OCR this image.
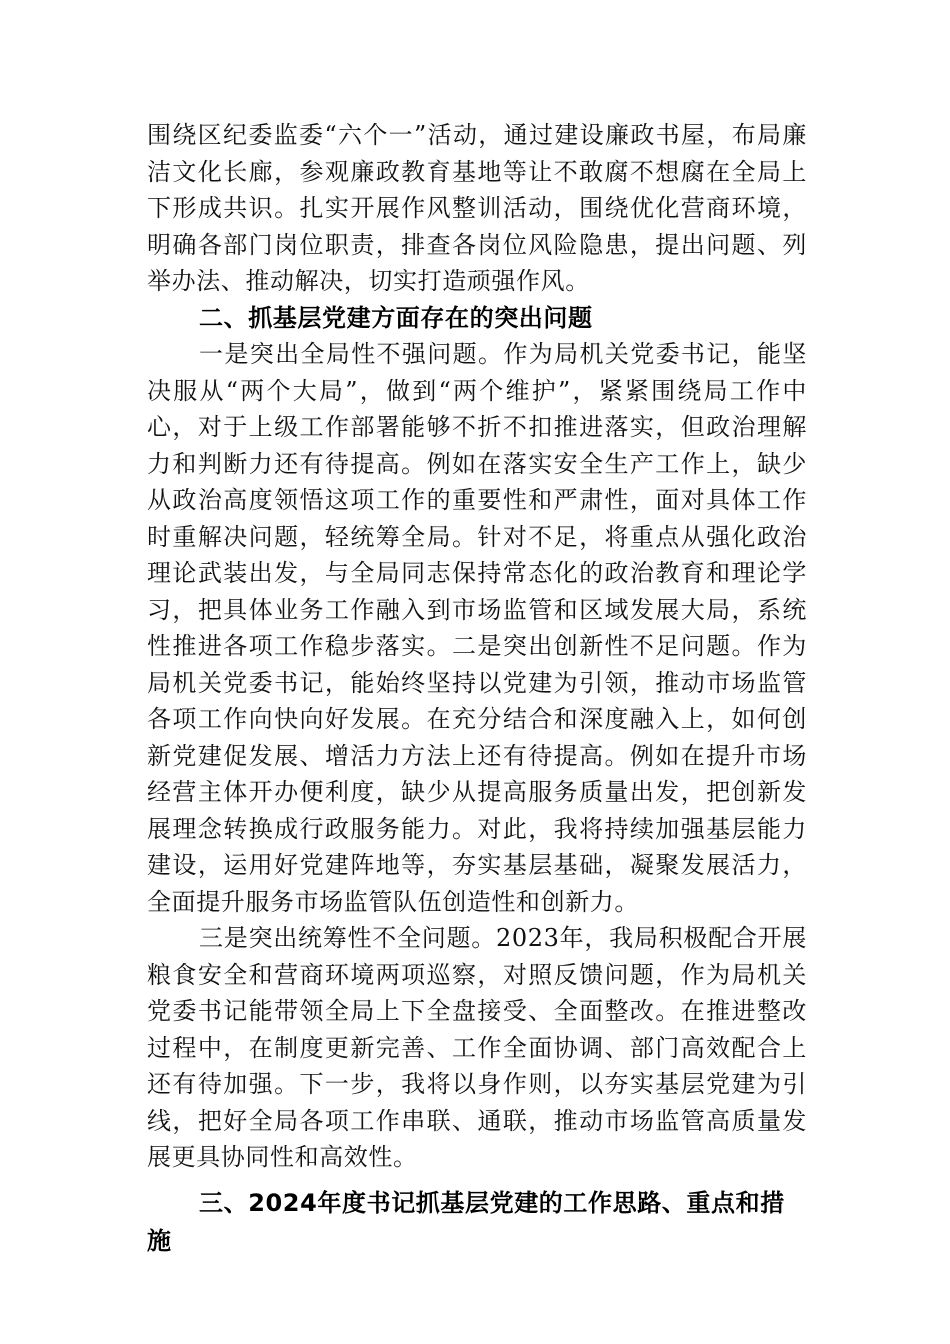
围绕区纪委监委“六个一”活动，通过建设廉政书屋，布局廉洁文化长廊，参观廉政教育基地等让不敢腐不想腐在全局上下形成共识。扎实开展作风整训活动，围绕优化营商环境，明确各部门岗位职责，排查各岗位风险隐患，提出问题、列举办法、推动解决，切实打造顽强作风。

二、抓基层党建方面存在的突出问题

一是突出全局性不强问题。作为局机关党委书记，能坚决服从“两个大局”，做到“两个维护”，紧紧围绕局工作中心，对于上级工作部署能够不折不扣推进落实，但政治理解力和判断力还有待提高。例如在落实安全生产工作上，缺少从政治高度领悟这项工作的重要性和严肃性，面对具体工作时重解决问题，轻统筹全局。针对不足，将重点从强化政治理论武装出发，与全局同志保持常态化的政治教育和理论学习，把具体业务工作融入到市场监管和区域发展大局，系统性推进各项工作稳步落实。二是突出创新性不足问题。作为局机关党委书记，能始终坚持以党建为引领，推动市场监管各项工作向快向好发展。在充分结合和深度融入上，如何创新党建促发展、增活力方法上还有待提高。例如在提升市场经营主体开办便利度，缺少从提高服务质量出发，把创新发展理念转换成行政服务能力。对此，我将持续加强基层能力建设，运用好党建阵地等，夯实基层基础，凝聚发展活力，全面提升服务市场监管队伍创造性和创新力。

三是突出统筹性不全问题。2023年，我局积极配合开展粮食安全和营商环境两项巡察，对照反馈问题，作为局机关党委书记能带领全局上下全盘接受、全面整改。在推进整改过程中，在制度更新完善、工作全面协调、部门高效配合上还有待加强。下一步，我将以身作则，以夯实基层党建为引线，把好全局各项工作串联、通联，推动市场监管高质量发展更具协同性和高效性。

三、2024年度书记抓基层党建的工作思路、重点和措施
